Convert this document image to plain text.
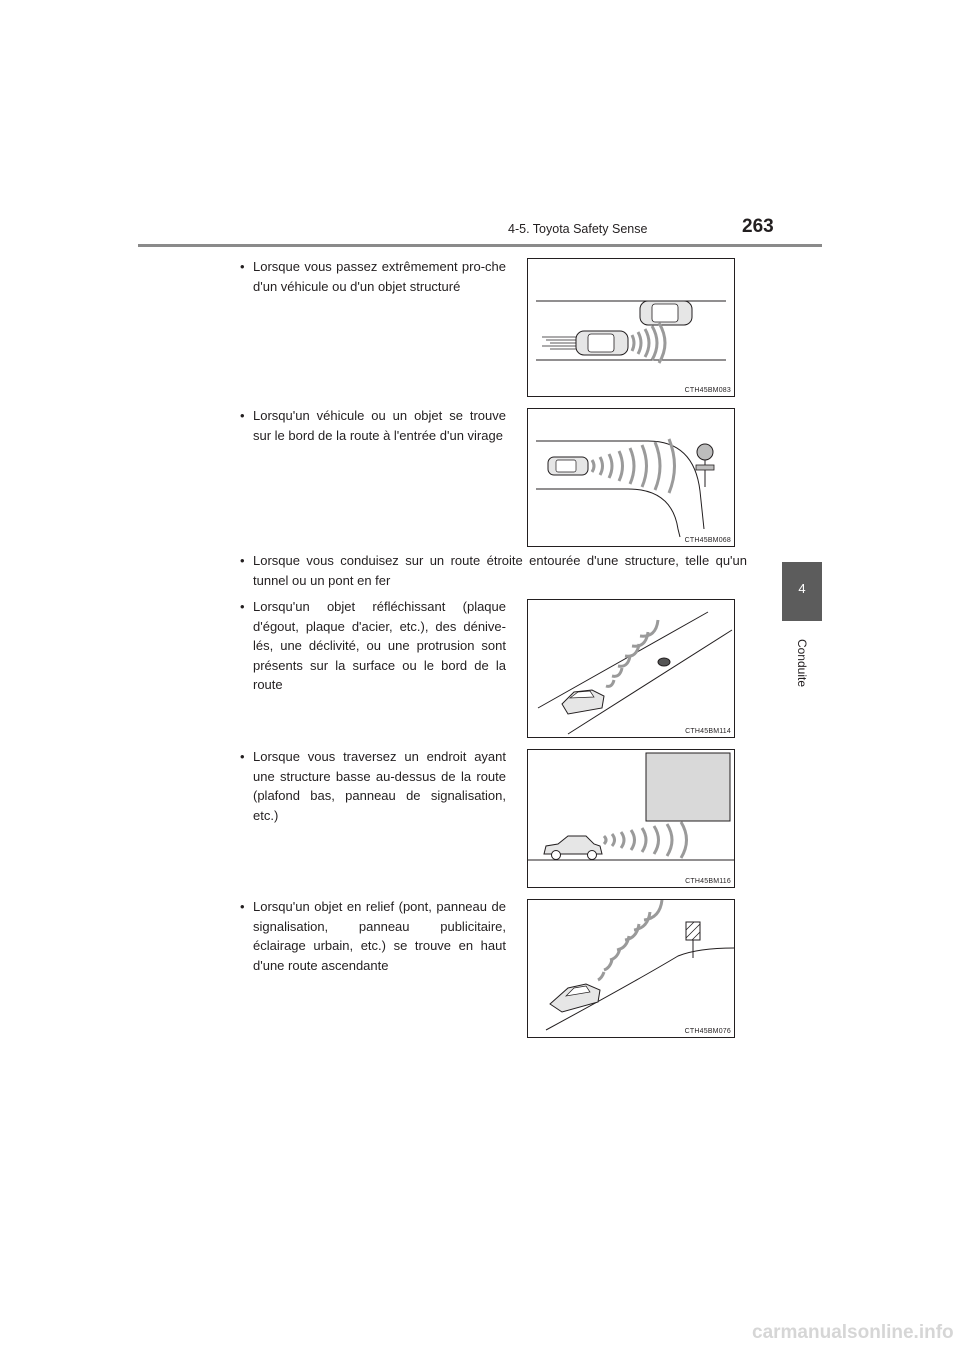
4-5. Toyota Safety Sense	263
4
Conduite
• Lorsque vous passez extrêmement pro-che d'un véhicule ou d'un objet structuré
• Lorsqu'un véhicule ou un objet se trouve sur le bord de la route à l'entrée d'un virage
• Lorsque vous conduisez sur un route étroite entourée d'une structure, telle qu'un tunnel ou un pont en fer
• Lorsqu'un objet réfléchissant (plaque d'égout, plaque d'acier, etc.), des dénive-lés, une déclivité, ou une protrusion sont présents sur la surface ou le bord de la route
• Lorsque vous traversez un endroit ayant une structure basse au-dessus de la route (plafond bas, panneau de signalisation, etc.)
• Lorsqu'un objet en relief (pont, panneau de signalisation, panneau publicitaire, éclairage urbain, etc.) se trouve en haut d'une route ascendante
CTH45BM083
CTH45BM068
CTH45BM114
CTH45BM116
CTH45BM076
carmanualsonline.info
